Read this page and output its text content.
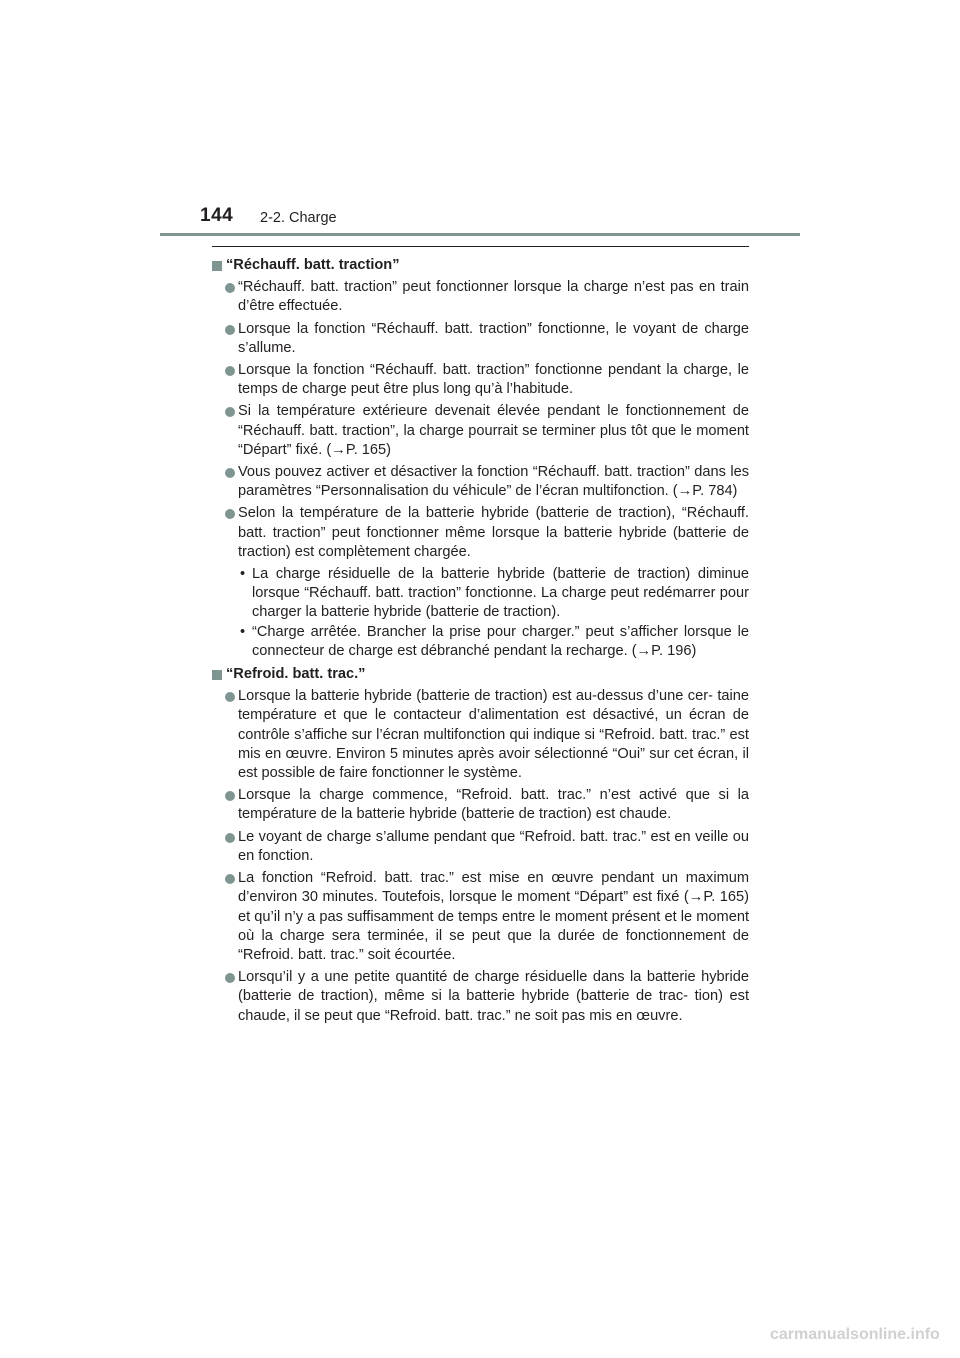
144 2-2. Charge
“Réchauff. batt. traction”
“Réchauff. batt. traction” peut fonctionner lorsque la charge n’est pas en train d’être effectuée.
Lorsque la fonction “Réchauff. batt. traction” fonctionne, le voyant de charge s’allume.
Lorsque la fonction “Réchauff. batt. traction” fonctionne pendant la charge, le temps de charge peut être plus long qu’à l’habitude.
Si la température extérieure devenait élevée pendant le fonctionnement de “Réchauff. batt. traction”, la charge pourrait se terminer plus tôt que le moment “Départ” fixé. (→P. 165)
Vous pouvez activer et désactiver la fonction “Réchauff. batt. traction” dans les paramètres “Personnalisation du véhicule” de l’écran multifonction. (→P. 784)
Selon la température de la batterie hybride (batterie de traction), “Réchauff. batt. traction” peut fonctionner même lorsque la batterie hybride (batterie de traction) est complètement chargée.
• La charge résiduelle de la batterie hybride (batterie de traction) diminue lorsque “Réchauff. batt. traction” fonctionne. La charge peut redémarrer pour charger la batterie hybride (batterie de traction).
• “Charge arrêtée. Brancher la prise pour charger.” peut s’afficher lorsque le connecteur de charge est débranché pendant la recharge. (→P. 196)
“Refroid. batt. trac.”
Lorsque la batterie hybride (batterie de traction) est au-dessus d’une cer- taine température et que le contacteur d’alimentation est désactivé, un écran de contrôle s’affiche sur l’écran multifonction qui indique si “Refroid. batt. trac.” est mis en œuvre. Environ 5 minutes après avoir sélectionné “Oui” sur cet écran, il est possible de faire fonctionner le système.
Lorsque la charge commence, “Refroid. batt. trac.” n’est activé que si la température de la batterie hybride (batterie de traction) est chaude.
Le voyant de charge s’allume pendant que “Refroid. batt. trac.” est en veille ou en fonction.
La fonction “Refroid. batt. trac.” est mise en œuvre pendant un maximum d’environ 30 minutes. Toutefois, lorsque le moment “Départ” est fixé (→P. 165) et qu’il n’y a pas suffisamment de temps entre le moment présent et le moment où la charge sera terminée, il se peut que la durée de fonctionnement de “Refroid. batt. trac.” soit écourtée.
Lorsqu’il y a une petite quantité de charge résiduelle dans la batterie hybride (batterie de traction), même si la batterie hybride (batterie de trac- tion) est chaude, il se peut que “Refroid. batt. trac.” ne soit pas mis en œuvre.
carmanualsonline.info
